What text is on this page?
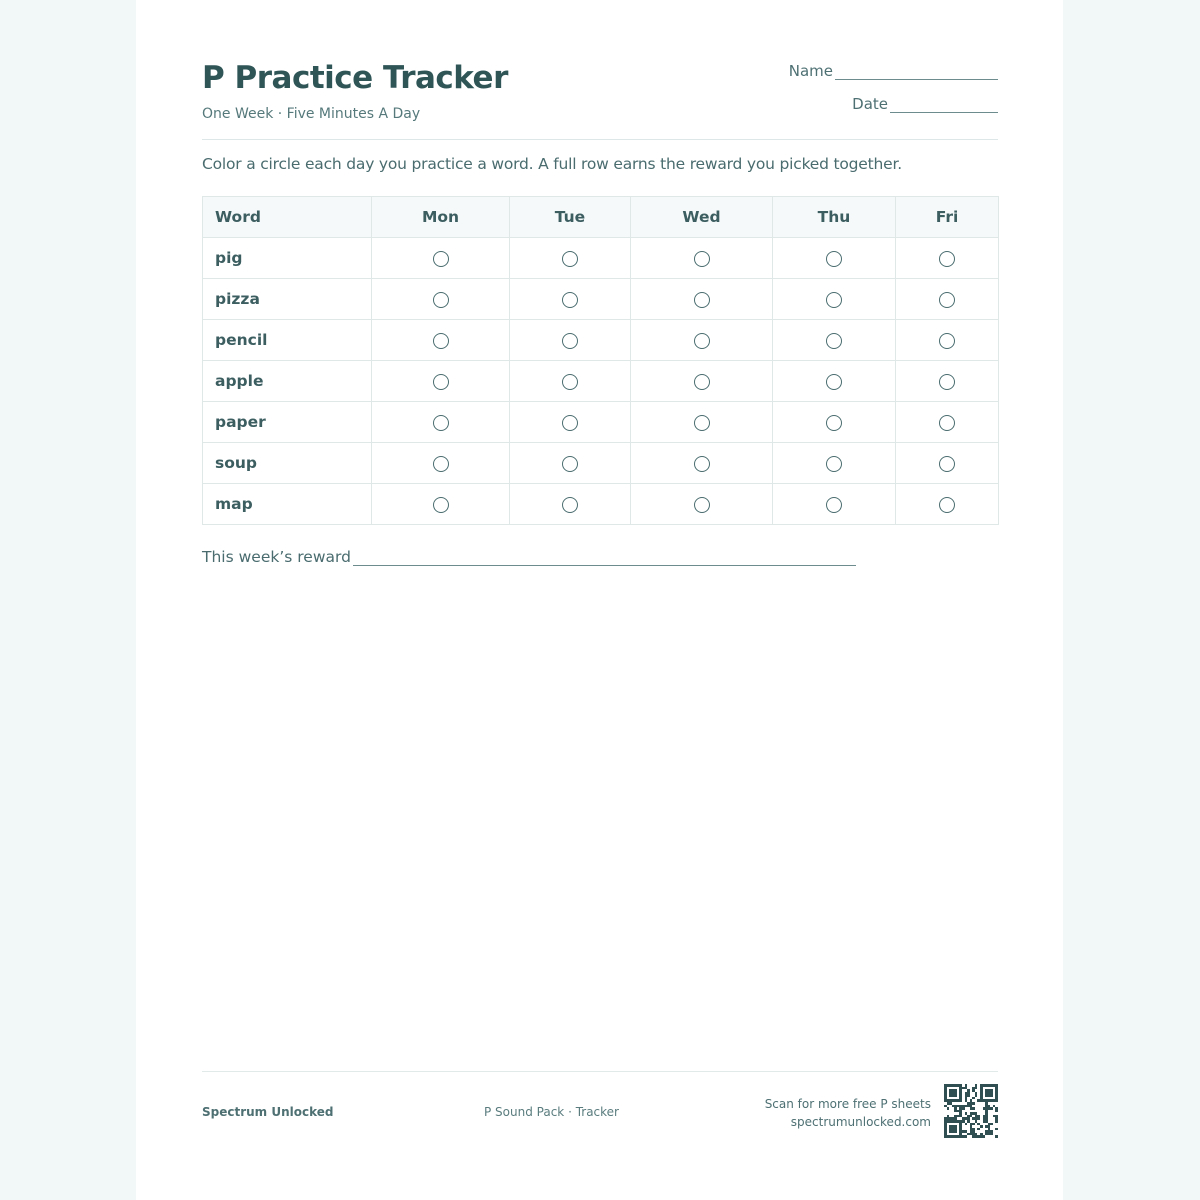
P Practice Tracker
One Week · Five Minutes A Day
Name
Date
Color a circle each day you practice a word. A full row earns the reward you picked together.
Word	Mon	Tue	Wed	Thu	Fri
pig					
pizza					
pencil					
apple					
paper					
soup					
map					
This week’s reward
Spectrum Unlocked	P Sound Pack · Tracker
Scan for more free P sheets
spectrumunlocked.com
